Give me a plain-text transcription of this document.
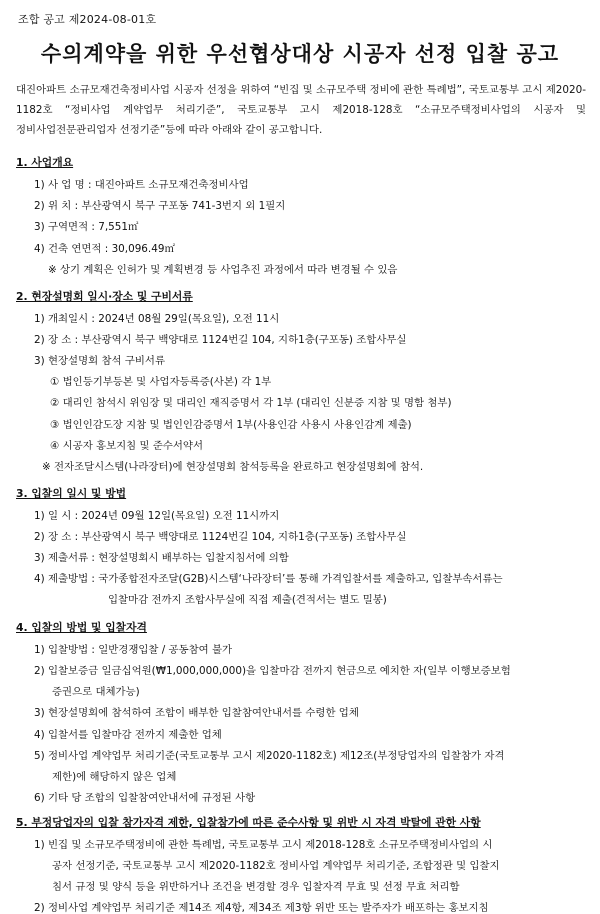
조합 공고 제2024-08-01호
수의계약을 위한 우선협상대상 시공자 선정 입찰 공고
대진아파트 소규모재건축정비사업 시공자 선정을 위하여 “빈집 및 소규모주택 정비에 관한 특례법”, 국토교통부 고시 제2020-1182호 “정비사업 계약업무 처리기준”, 국토교통부 고시 제2018-128호 “소규모주택정비사업의 시공자 및 정비사업전문관리업자 선정기준”등에 따라 아래와 같이 공고합니다.
1. 사업개요
1) 사 업 명 : 대진아파트 소규모재건축정비사업
2) 위 치 : 부산광역시 북구 구포동 741-3번지 외 1필지
3) 구역면적 : 7,551㎡
4) 건축 연면적 : 30,096.49㎡
※ 상기 계획은 인허가 및 계획변경 등 사업추진 과정에서 따라 변경될 수 있음
2. 현장설명회 일시·장소 및 구비서류
1) 개최일시 : 2024년 08월 29일(목요일), 오전 11시
2) 장 소 : 부산광역시 북구 백양대로 1124번길 104, 지하1층(구포동) 조합사무실
3) 현장설명회 참석 구비서류
① 법인등기부등본 및 사업자등록증(사본) 각 1부
② 대리인 참석시 위임장 및 대리인 재직증명서 각 1부 (대리인 신분증 지참 및 명함 첨부)
③ 법인인감도장 지참 및 법인인감증명서 1부(사용인감 사용시 사용인감계 제출)
④ 시공자 홍보지침 및 준수서약서
※ 전자조달시스템(나라장터)에 현장설명회 참석등록을 완료하고 현장설명회에 참석.
3. 입찰의 일시 및 방법
1) 일 시 : 2024년 09월 12일(목요일) 오전 11시까지
2) 장 소 : 부산광역시 북구 백양대로 1124번길 104, 지하1층(구포동) 조합사무실
3) 제출서류 : 현장설명회시 배부하는 입찰지침서에 의함
4) 제출방법 : 국가종합전자조달(G2B)시스템‘나라장터’를 통해 가격입찰서를 제출하고, 입찰부속서류는
입찰마감 전까지 조합사무실에 직접 제출(견적서는 별도 밀봉)
4. 입찰의 방법 및 입찰자격
1) 입찰방법 : 일반경쟁입찰 / 공동참여 불가
2) 입찰보증금 일금십억원(₩1,000,000,000)을 입찰마감 전까지 현금으로 예치한 자(일부 이행보증보험
증권으로 대체가능)
3) 현장설명회에 참석하여 조합이 배부한 입찰참여안내서를 수령한 업체
4) 입찰서를 입찰마감 전까지 제출한 업체
5) 정비사업 계약업무 처리기준(국토교통부 고시 제2020-1182호) 제12조(부정당업자의 입찰참가 자격
제한)에 해당하지 않은 업체
6) 기타 당 조합의 입찰참여안내서에 규정된 사항
5. 부정당업자의 입찰 참가자격 제한, 입찰참가에 따른 준수사항 및 위반 시 자격 박탈에 관한 사항
1) 빈집 및 소규모주택정비에 관한 특례법, 국토교통부 고시 제2018-128호 소규모주택정비사업의 시
공자 선정기준, 국토교통부 고시 제2020-1182호 정비사업 계약업무 처리기준, 조합정관 및 입찰지
침서 규정 및 양식 등을 위반하거나 조건을 변경할 경우 입찰자격 무효 및 선정 무효 처리함
2) 정비사업 계약업무 처리기준 제14조 제4항, 제34조 제3항 위반 또는 발주자가 배포하는 홍보지침
